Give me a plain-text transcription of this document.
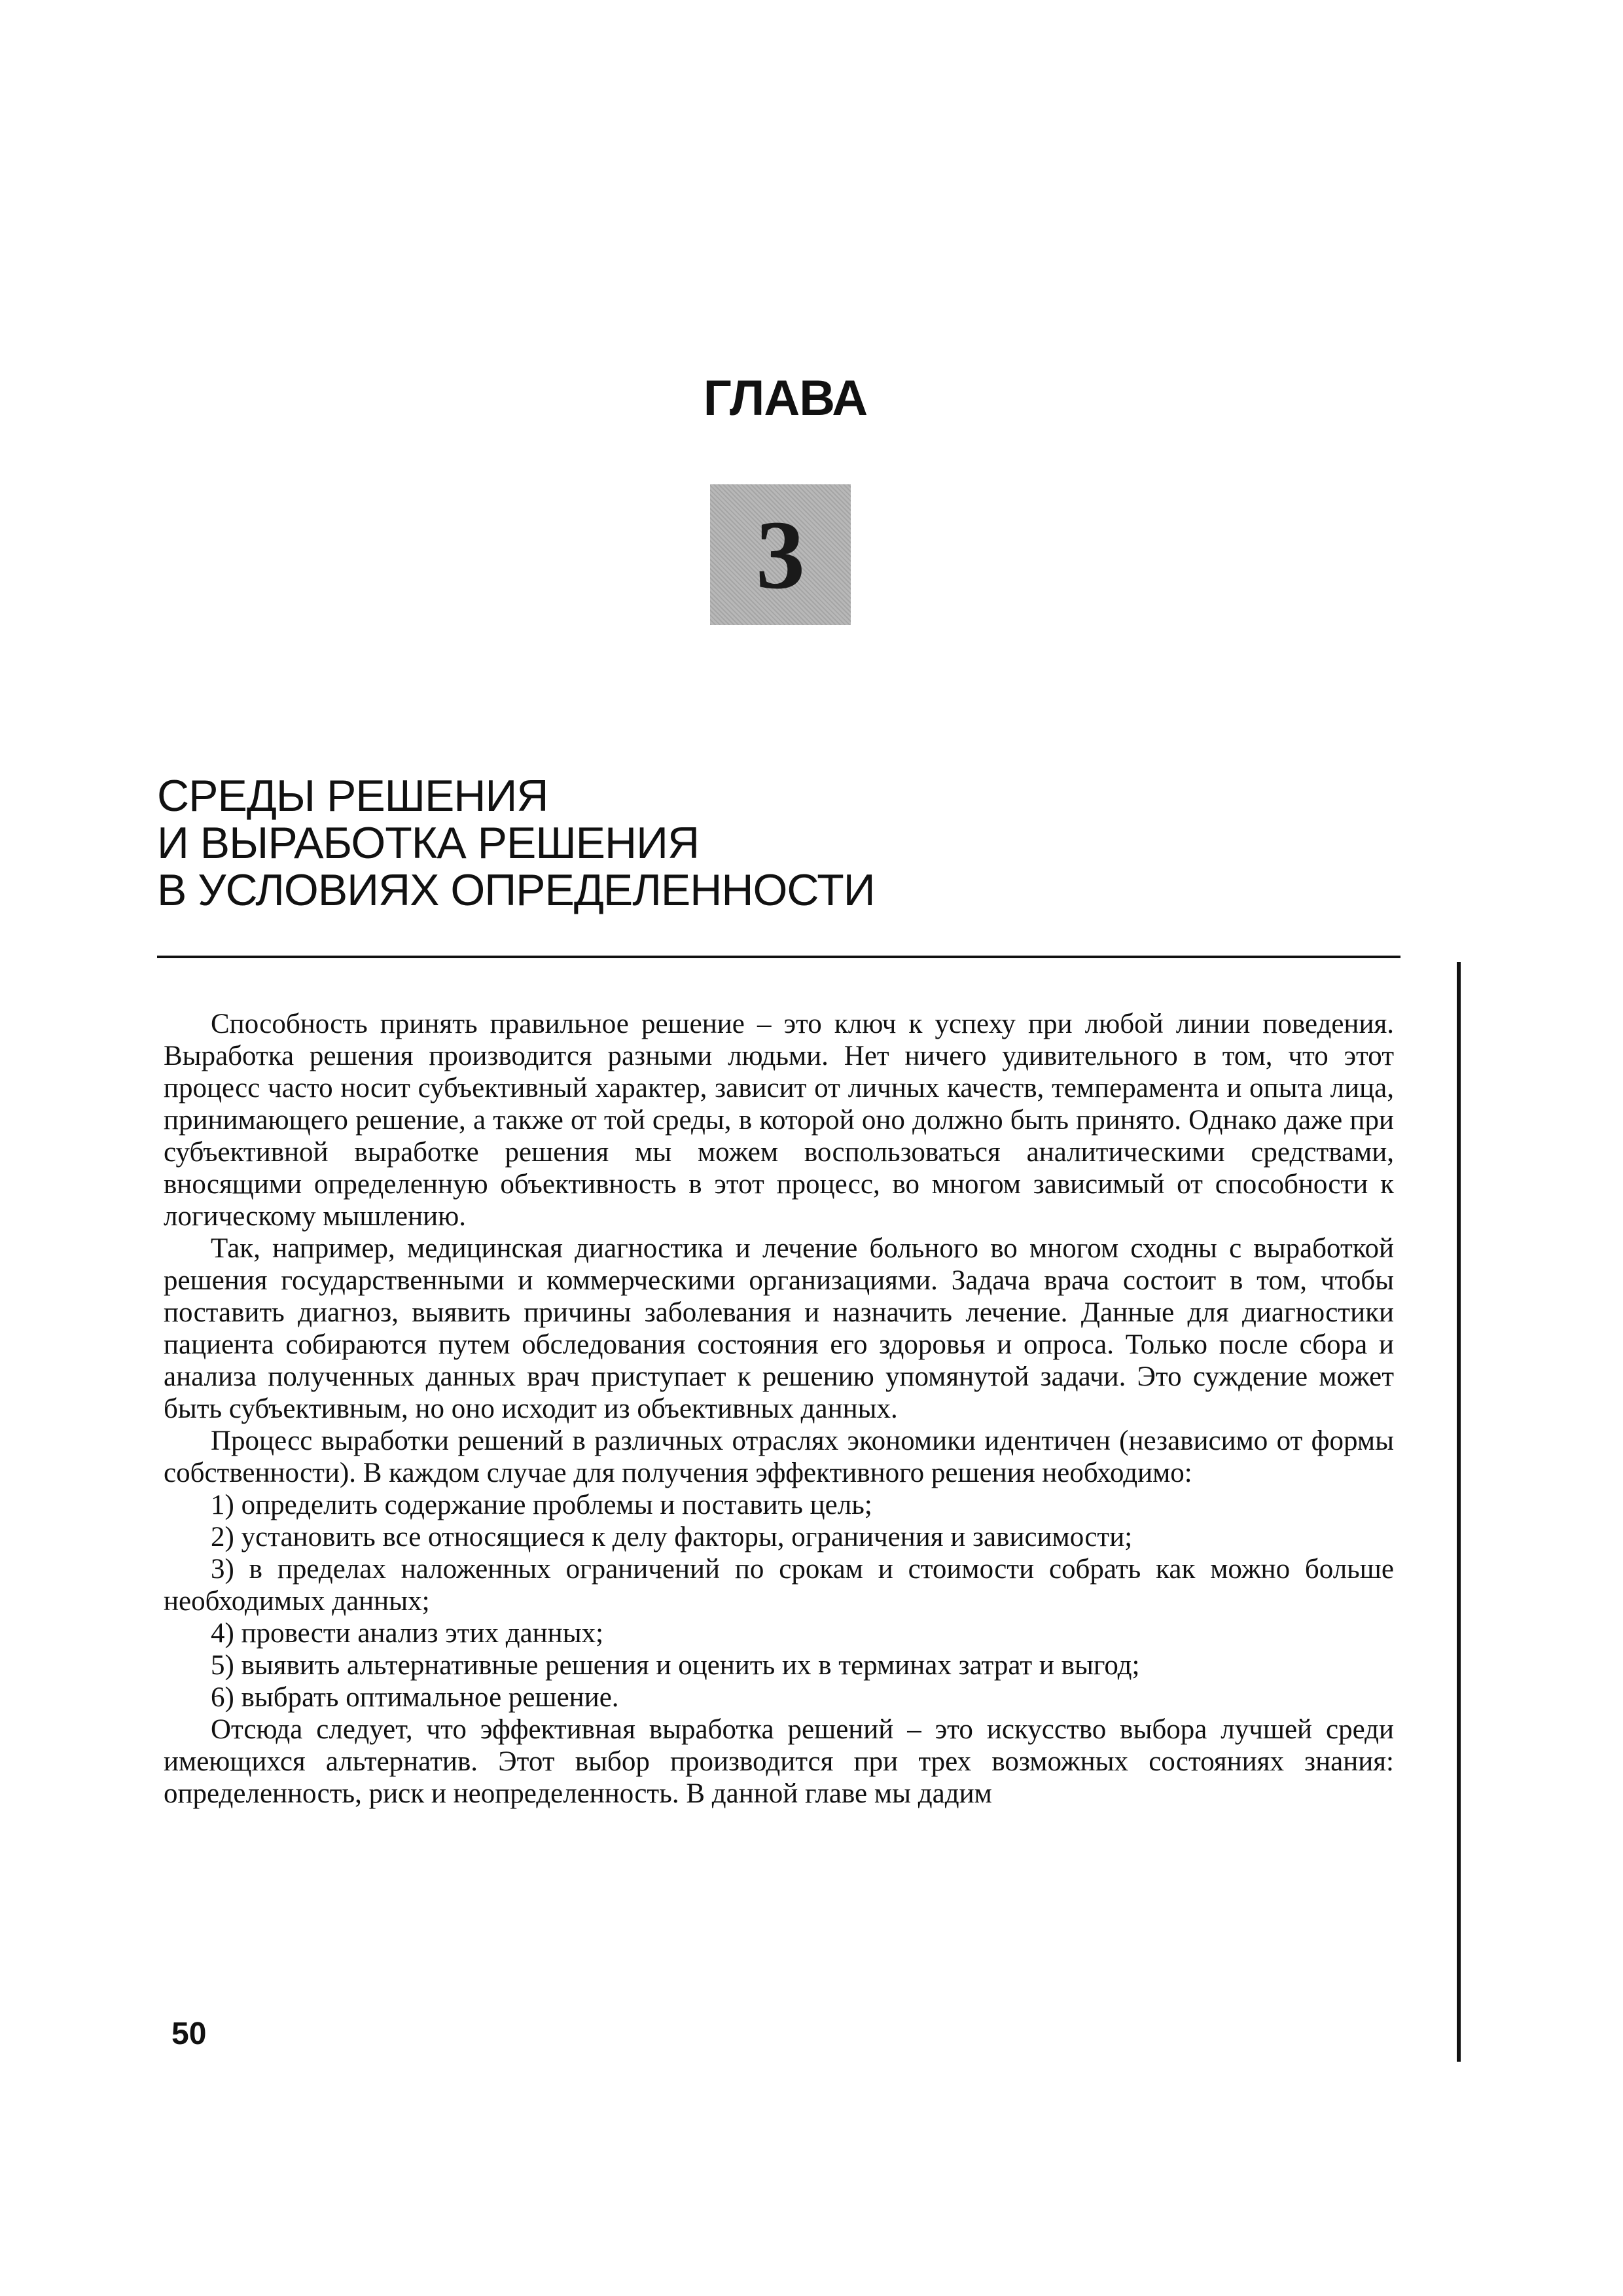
ГЛАВА
3
СРЕДЫ РЕШЕНИЯ
И ВЫРАБОТКА РЕШЕНИЯ
В УСЛОВИЯХ ОПРЕДЕЛЕННОСТИ

Способность принять правильное решение – это ключ к успеху при любой линии поведения. Выработка решения производится разными людьми. Нет ничего удивительного в том, что этот процесс часто носит субъективный характер, зависит от личных качеств, темперамента и опыта лица, принимающего решение, а также от той среды, в которой оно должно быть принято. Однако даже при субъективной выработке решения мы можем воспользоваться аналитическими средствами, вносящими определенную объективность в этот процесс, во многом зависимый от способности к логическому мышлению.

Так, например, медицинская диагностика и лечение больного во многом сходны с выработкой решения государственными и коммерческими организациями. Задача врача состоит в том, чтобы поставить диагноз, выявить причины заболевания и назначить лечение. Данные для диагностики пациента собираются путем обследования состояния его здоровья и опроса. Только после сбора и анализа полученных данных врач приступает к решению упомянутой задачи. Это суждение может быть субъективным, но оно исходит из объективных данных.

Процесс выработки решений в различных отраслях экономики идентичен (независимо от формы собственности). В каждом случае для получения эффективного решения необходимо:

1) определить содержание проблемы и поставить цель;

2) установить все относящиеся к делу факторы, ограничения и зависимости;

3) в пределах наложенных ограничений по срокам и стоимости собрать как можно больше необходимых данных;

4) провести анализ этих данных;

5) выявить альтернативные решения и оценить их в терминах затрат и выгод;

6) выбрать оптимальное решение.

Отсюда следует, что эффективная выработка решений – это искусство выбора лучшей среди имеющихся альтернатив. Этот выбор производится при трех возможных состояниях знания: определенность, риск и неопределенность. В данной главе мы дадим

50
